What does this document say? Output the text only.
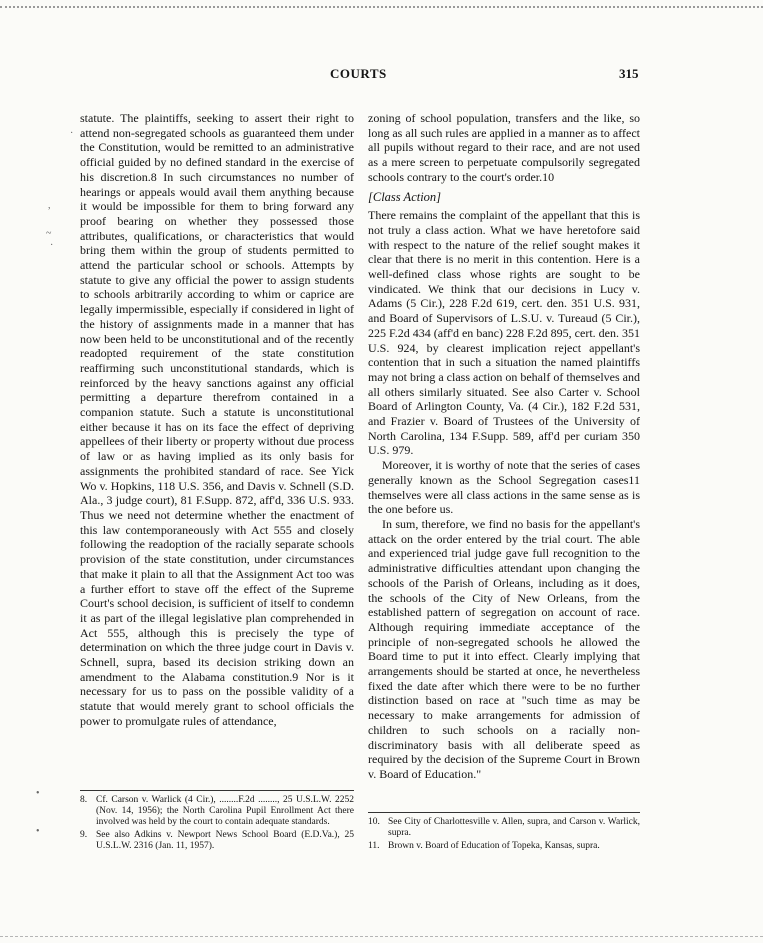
COURTS	315

statute. The plaintiffs, seeking to assert their right to attend non-segregated schools as guaranteed them under the Constitution, would be remitted to an administrative official guided by no defined standard in the exercise of his discretion.8 In such circumstances no number of hearings or appeals would avail them anything because it would be impossible for them to bring forward any proof bearing on whether they possessed those attributes, qualifications, or characteristics that would bring them within the group of students permitted to attend the particular school or schools. Attempts by statute to give any official the power to assign students to schools arbitrarily according to whim or caprice are legally impermissible, especially if considered in light of the history of assignments made in a manner that has now been held to be unconstitutional and of the recently readopted requirement of the state constitution reaffirming such unconstitutional standards, which is reinforced by the heavy sanctions against any official permitting a departure therefrom contained in a companion statute. Such a statute is unconstitutional either because it has on its face the effect of depriving appellees of their liberty or property without due process of law or as having implied as its only basis for assignments the prohibited standard of race. See Yick Wo v. Hopkins, 118 U.S. 356, and Davis v. Schnell (S.D. Ala., 3 judge court), 81 F.Supp. 872, aff'd, 336 U.S. 933. Thus we need not determine whether the enactment of this law contemporaneously with Act 555 and closely following the readoption of the racially separate schools provision of the state constitution, under circumstances that make it plain to all that the Assignment Act too was a further effort to stave off the effect of the Supreme Court's school decision, is sufficient of itself to condemn it as part of the illegal legislative plan comprehended in Act 555, although this is precisely the type of determination on which the three judge court in Davis v. Schnell, supra, based its decision striking down an amendment to the Alabama constitution.9 Nor is it necessary for us to pass on the possible validity of a statute that would merely grant to school officials the power to promulgate rules of attendance,

zoning of school population, transfers and the like, so long as all such rules are applied in a manner as to affect all pupils without regard to their race, and are not used as a mere screen to perpetuate compulsorily segregated schools contrary to the court's order.10

[Class Action]

There remains the complaint of the appellant that this is not truly a class action. What we have heretofore said with respect to the nature of the relief sought makes it clear that there is no merit in this contention. Here is a well-defined class whose rights are sought to be vindicated. We think that our decisions in Lucy v. Adams (5 Cir.), 228 F.2d 619, cert. den. 351 U.S. 931, and Board of Supervisors of L.S.U. v. Tureaud (5 Cir.), 225 F.2d 434 (aff'd en banc) 228 F.2d 895, cert. den. 351 U.S. 924, by clearest implication reject appellant's contention that in such a situation the named plaintiffs may not bring a class action on behalf of themselves and all others similarly situated. See also Carter v. School Board of Arlington County, Va. (4 Cir.), 182 F.2d 531, and Frazier v. Board of Trustees of the University of North Carolina, 134 F.Supp. 589, aff'd per curiam 350 U.S. 979.

Moreover, it is worthy of note that the series of cases generally known as the School Segregation cases11 themselves were all class actions in the same sense as is the one before us.

In sum, therefore, we find no basis for the appellant's attack on the order entered by the trial court. The able and experienced trial judge gave full recognition to the administrative difficulties attendant upon changing the schools of the Parish of Orleans, including as it does, the schools of the City of New Orleans, from the established pattern of segregation on account of race. Although requiring immediate acceptance of the principle of non-segregated schools he allowed the Board time to put it into effect. Clearly implying that arrangements should be started at once, he nevertheless fixed the date after which there were to be no further distinction based on race at "such time as may be necessary to make arrangements for admission of children to such schools on a racially non-discriminatory basis with all deliberate speed as required by the decision of the Supreme Court in Brown v. Board of Education."

8. Cf. Carson v. Warlick (4 Cir.), ........F.2d ........, 25 U.S.L.W. 2252 (Nov. 14, 1956); the North Carolina Pupil Enrollment Act there involved was held by the court to contain adequate standards.
9. See also Adkins v. Newport News School Board (E.D.Va.), 25 U.S.L.W. 2316 (Jan. 11, 1957).
10. See City of Charlottesville v. Allen, supra, and Carson v. Warlick, supra.
11. Brown v. Board of Education of Topeka, Kansas, supra.
·
,
~
·
•
•
